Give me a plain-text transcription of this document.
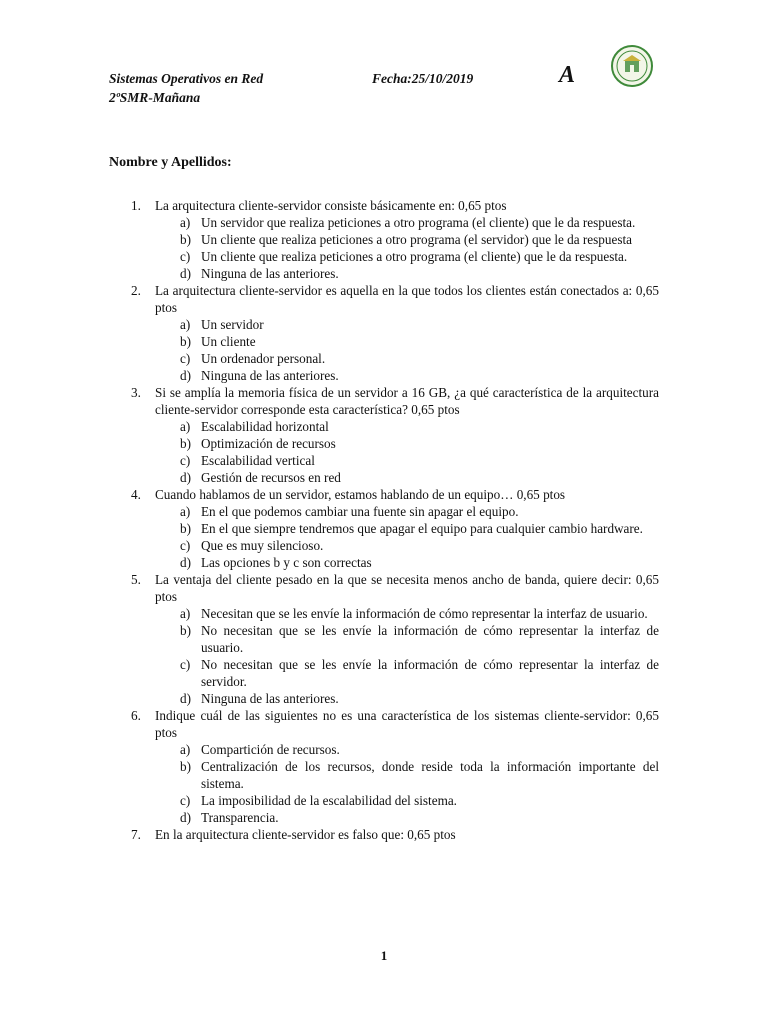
Sistemas Operativos en Red	Fecha:25/10/2019
2ºSMR-Mañana
A
Nombre y Apellidos:
1.	La arquitectura cliente-servidor consiste básicamente en: 0,65 ptos
a) Un servidor que realiza peticiones a otro programa (el cliente) que le da respuesta.
b) Un cliente que realiza peticiones a otro programa (el servidor) que le da respuesta
c) Un cliente que realiza peticiones a otro programa (el cliente) que le da respuesta.
d) Ninguna de las anteriores.
2.	La arquitectura cliente-servidor es aquella en la que todos los clientes están conectados a: 0,65 ptos
a) Un servidor
b) Un cliente
c) Un ordenador personal.
d) Ninguna de las anteriores.
3.	Si se amplía la memoria física de un servidor a 16 GB, ¿a qué característica de la arquitectura cliente-servidor corresponde esta característica? 0,65 ptos
a) Escalabilidad horizontal
b) Optimización de recursos
c) Escalabilidad vertical
d) Gestión de recursos en red
4.	Cuando hablamos de un servidor, estamos hablando de un equipo… 0,65 ptos
a) En el que podemos cambiar una fuente sin apagar el equipo.
b) En el que siempre tendremos que apagar el equipo para cualquier cambio hardware.
c) Que es muy silencioso.
d) Las opciones b y c son correctas
5.	La ventaja del cliente pesado en la que se necesita menos ancho de banda, quiere decir: 0,65 ptos
a) Necesitan que se les envíe la información de cómo representar la interfaz de usuario.
b) No necesitan que se les envíe la información de cómo representar la interfaz de usuario.
c) No necesitan que se les envíe la información de cómo representar la interfaz de servidor.
d) Ninguna de las anteriores.
6.	Indique cuál de las siguientes no es una característica de los sistemas cliente-servidor: 0,65 ptos
a) Compartición de recursos.
b) Centralización de los recursos, donde reside toda la información importante del sistema.
c) La imposibilidad de la escalabilidad del sistema.
d) Transparencia.
7.	En la arquitectura cliente-servidor es falso que: 0,65 ptos
1
